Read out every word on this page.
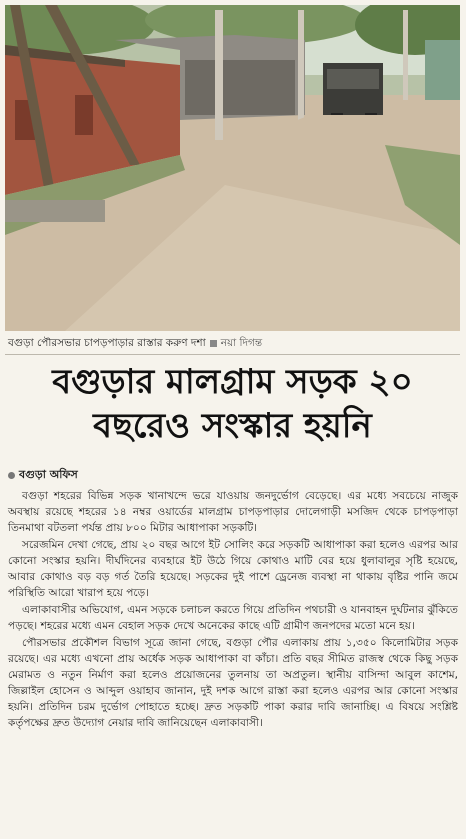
বগুড়া পৌরসভার চাপড়পাড়ার রাস্তার করুণ দশা নয়া দিগন্ত
বগুড়ার মালগ্রাম সড়ক ২০
বছরেও সংস্কার হয়নি
বগুড়া অফিস

বগুড়া শহরের বিভিন্ন সড়ক খানাখন্দে ভরে যাওয়ায় জনদুর্ভোগ বেড়েছে। এর মধ্যে সবচেয়ে নাজুক অবস্থায় রয়েছে শহরের ১৪ নম্বর ওয়ার্ডের মালগ্রাম চাপড়পাড়ার দোলেগাড়ী মসজিদ থেকে চাপড়পাড়া তিনমাথা বটতলা পর্যন্ত প্রায় ৮০০ মিটার আধাপাকা সড়কটি।

সরেজমিন দেখা গেছে, প্রায় ২০ বছর আগে ইট সোলিং করে সড়কটি আধাপাকা করা হলেও এরপর আর কোনো সংস্কার হয়নি। দীর্ঘদিনের ব্যবহারে ইট উঠে গিয়ে কোথাও মাটি বের হয়ে ধুলাবালুর সৃষ্টি হয়েছে, আবার কোথাও বড় বড় গর্ত তৈরি হয়েছে। সড়কের দুই পাশে ড্রেনেজ ব্যবস্থা না থাকায় বৃষ্টির পানি জমে পরিস্থিতি আরো খারাপ হয়ে পড়ে।

এলাকাবাসীর অভিযোগ, এমন সড়কে চলাচল করতে গিয়ে প্রতিদিন পথচারী ও যানবাহন দুর্ঘটনার ঝুঁকিতে পড়ছে। শহরের মধ্যে এমন বেহাল সড়ক দেখে অনেকের কাছে এটি গ্রামীণ জনপদের মতো মনে হয়।

পৌরসভার প্রকৌশল বিভাগ সূত্রে জানা গেছে, বগুড়া পৌর এলাকায় প্রায় ১,৩৫০ কিলোমিটার সড়ক রয়েছে। এর মধ্যে এখনো প্রায় অর্ধেক সড়ক আধাপাকা বা কাঁচা। প্রতি বছর সীমিত রাজস্ব থেকে কিছু সড়ক মেরামত ও নতুন নির্মাণ করা হলেও প্রয়োজনের তুলনায় তা অপ্রতুল। স্থানীয় বাসিন্দা আবুল কাশেম, জিল্লাইল হোসেন ও আব্দুল ওয়াহাব জানান, দুই দশক আগে রাস্তা করা হলেও এরপর আর কোনো সংস্কার হয়নি। প্রতিদিন চরম দুর্ভোগ পোহাতে হচ্ছে। দ্রুত সড়কটি পাকা করার দাবি জানাচ্ছি। এ বিষয়ে সংশ্লিষ্ট কর্তৃপক্ষের দ্রুত উদ্যোগ নেয়ার দাবি জানিয়েছেন এলাকাবাসী।
